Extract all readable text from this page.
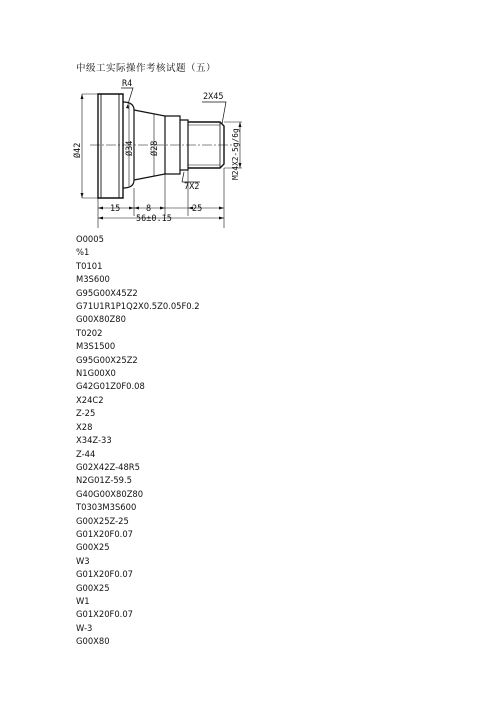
中级工实际操作考核试题（五）
R4
2X45
7X2
15	8	25
56±0.15
Ø42	Ø34 Ø28	M24X2-5g/6g
O0005
%1
T0101
M3S600
G95G00X45Z2
G71U1R1P1Q2X0.5Z0.05F0.2
G00X80Z80
T0202
M3S1500
G95G00X25Z2
N1G00X0
G42G01Z0F0.08
X24C2
Z-25
X28
X34Z-33
Z-44
G02X42Z-48R5
N2G01Z-59.5
G40G00X80Z80
T0303M3S600
G00X25Z-25
G01X20F0.07
G00X25
W3
G01X20F0.07
G00X25
W1
G01X20F0.07
W-3
G00X80
